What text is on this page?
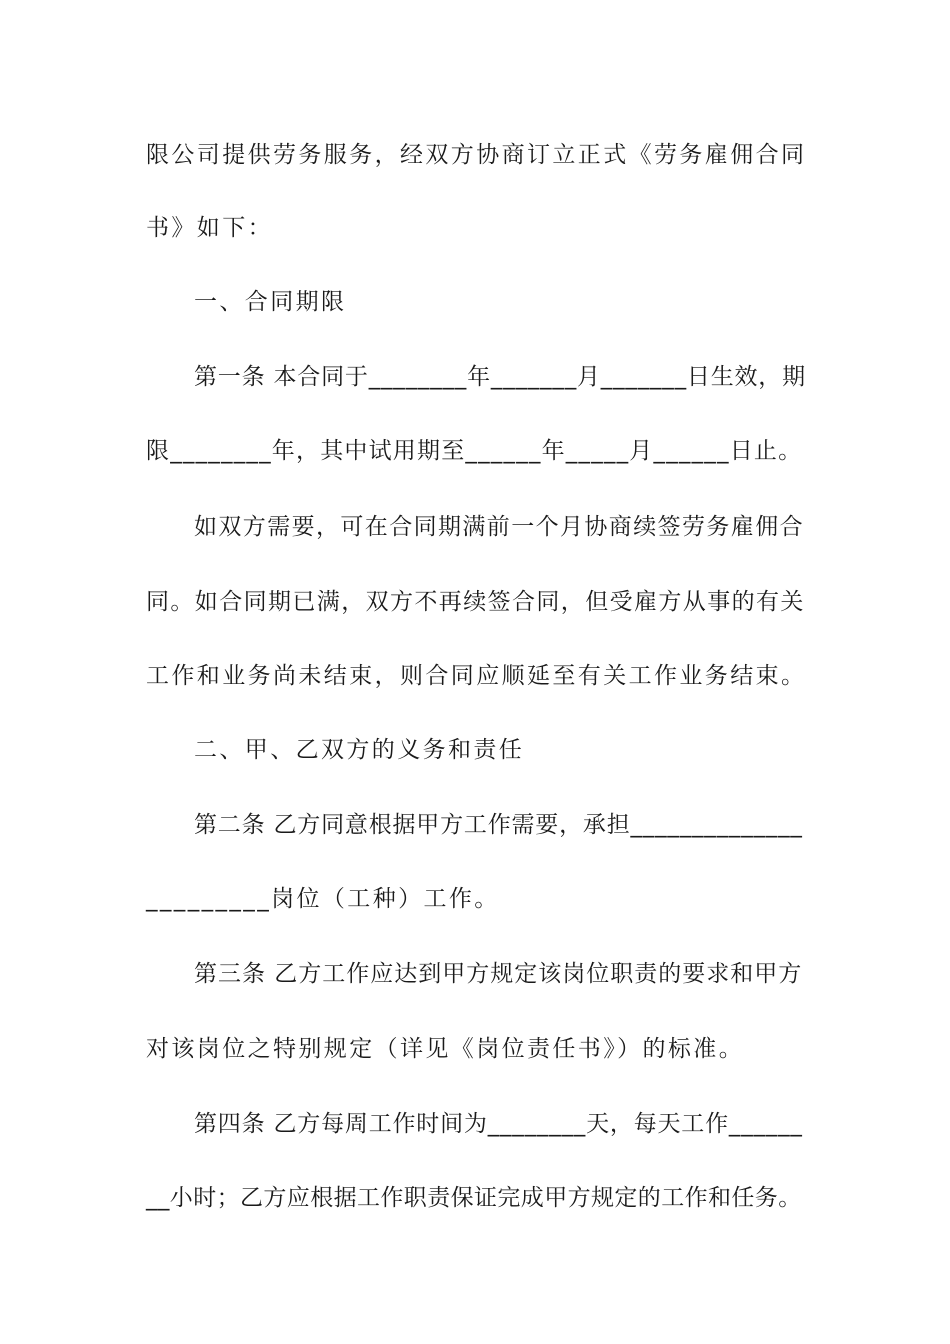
限公司提供劳务服务，经双方协商订立正式《劳务雇佣合同
书》如下：
一、合同期限
第一条 本合同于________年_______月_______日生效，期
限________年，其中试用期至______年_____月______日止。
如双方需要，可在合同期满前一个月协商续签劳务雇佣合
同。如合同期已满，双方不再续签合同，但受雇方从事的有关
工作和业务尚未结束，则合同应顺延至有关工作业务结束。
二、甲、乙双方的义务和责任
第二条 乙方同意根据甲方工作需要，承担______________
_________岗位（工种）工作。
第三条 乙方工作应达到甲方规定该岗位职责的要求和甲方
对该岗位之特别规定（详见《岗位责任书》）的标准。
第四条 乙方每周工作时间为________天，每天工作______
__小时；乙方应根据工作职责保证完成甲方规定的工作和任务。
